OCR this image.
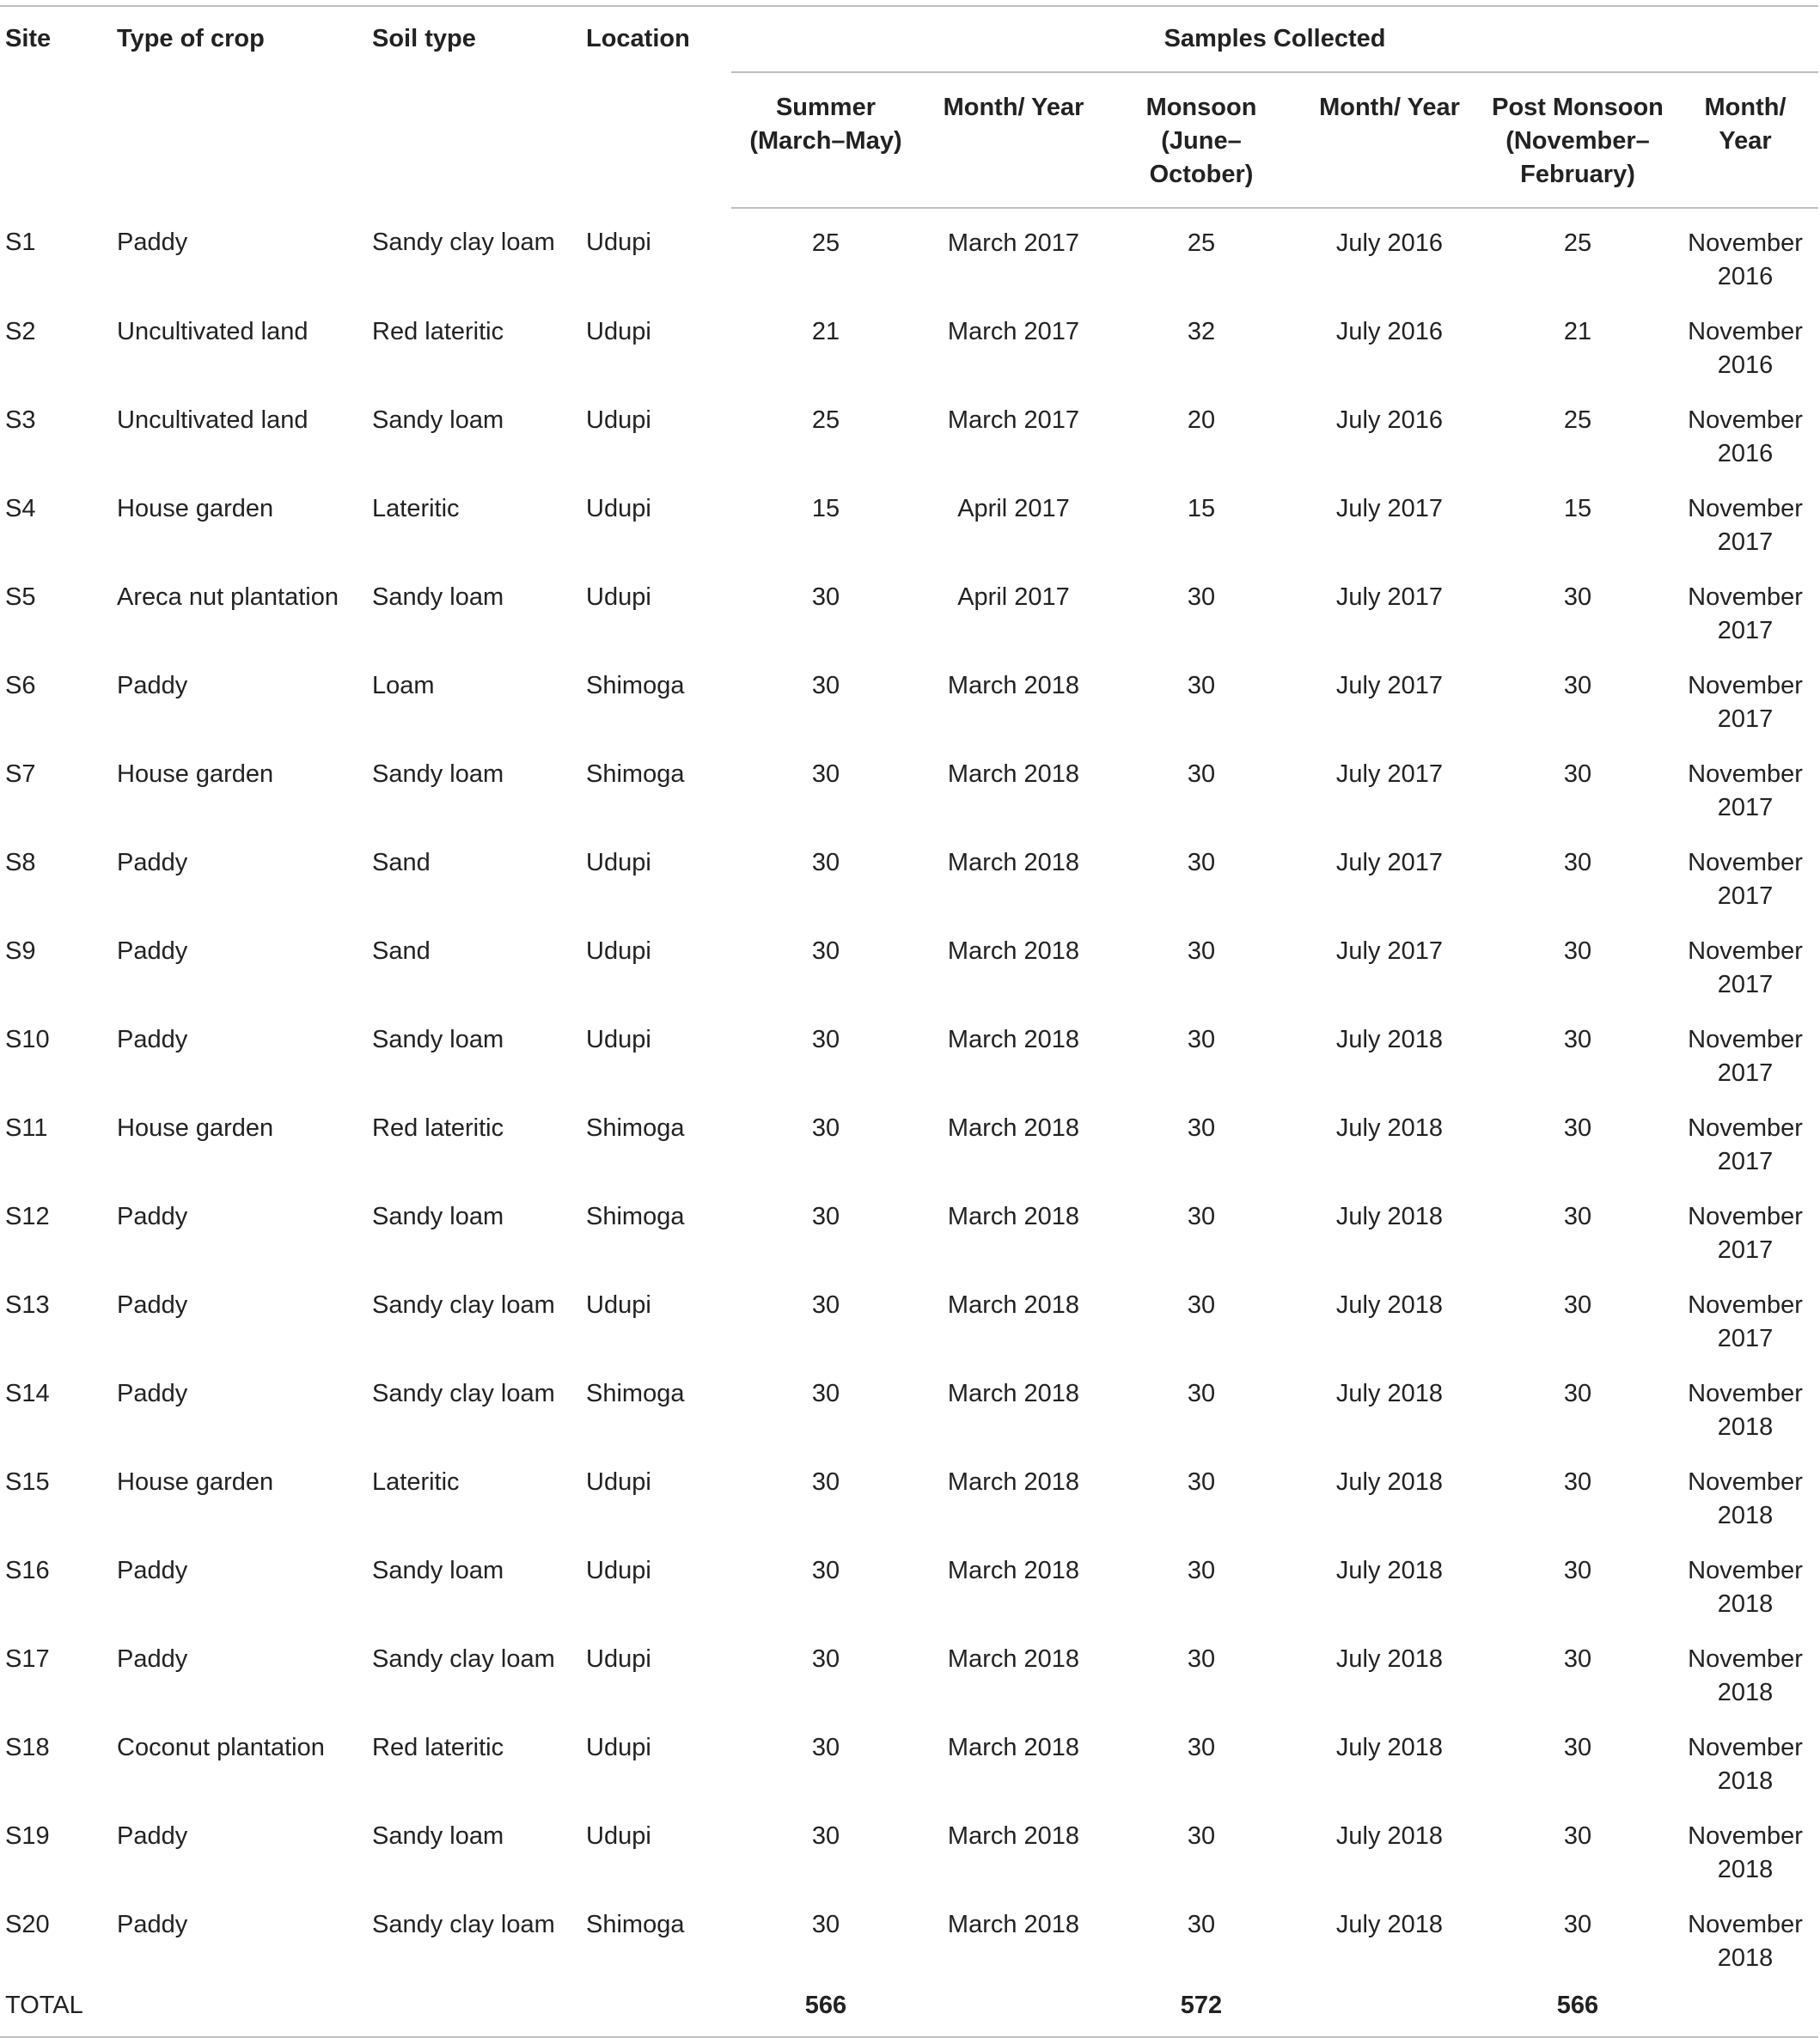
Site	Type of crop	Soil type	Location	Samples Collected					
				Summer (March–May)	Month/ Year	Monsoon (June–October)	Month/ Year	Post Monsoon (November–February)	Month/ Year
S1	Paddy	Sandy clay loam	Udupi	25	March 2017	25	July 2016	25	November 2016
S2	Uncultivated land	Red lateritic	Udupi	21	March 2017	32	July 2016	21	November 2016
S3	Uncultivated land	Sandy loam	Udupi	25	March 2017	20	July 2016	25	November 2016
S4	House garden	Lateritic	Udupi	15	April 2017	15	July 2017	15	November 2017
S5	Areca nut plantation	Sandy loam	Udupi	30	April 2017	30	July 2017	30	November 2017
S6	Paddy	Loam	Shimoga	30	March 2018	30	July 2017	30	November 2017
S7	House garden	Sandy loam	Shimoga	30	March 2018	30	July 2017	30	November 2017
S8	Paddy	Sand	Udupi	30	March 2018	30	July 2017	30	November 2017
S9	Paddy	Sand	Udupi	30	March 2018	30	July 2017	30	November 2017
S10	Paddy	Sandy loam	Udupi	30	March 2018	30	July 2018	30	November 2017
S11	House garden	Red lateritic	Shimoga	30	March 2018	30	July 2018	30	November 2017
S12	Paddy	Sandy loam	Shimoga	30	March 2018	30	July 2018	30	November 2017
S13	Paddy	Sandy clay loam	Udupi	30	March 2018	30	July 2018	30	November 2017
S14	Paddy	Sandy clay loam	Shimoga	30	March 2018	30	July 2018	30	November 2018
S15	House garden	Lateritic	Udupi	30	March 2018	30	July 2018	30	November 2018
S16	Paddy	Sandy loam	Udupi	30	March 2018	30	July 2018	30	November 2018
S17	Paddy	Sandy clay loam	Udupi	30	March 2018	30	July 2018	30	November 2018
S18	Coconut plantation	Red lateritic	Udupi	30	March 2018	30	July 2018	30	November 2018
S19	Paddy	Sandy loam	Udupi	30	March 2018	30	July 2018	30	November 2018
S20	Paddy	Sandy clay loam	Shimoga	30	March 2018	30	July 2018	30	November 2018
TOTAL				566		572		566	
